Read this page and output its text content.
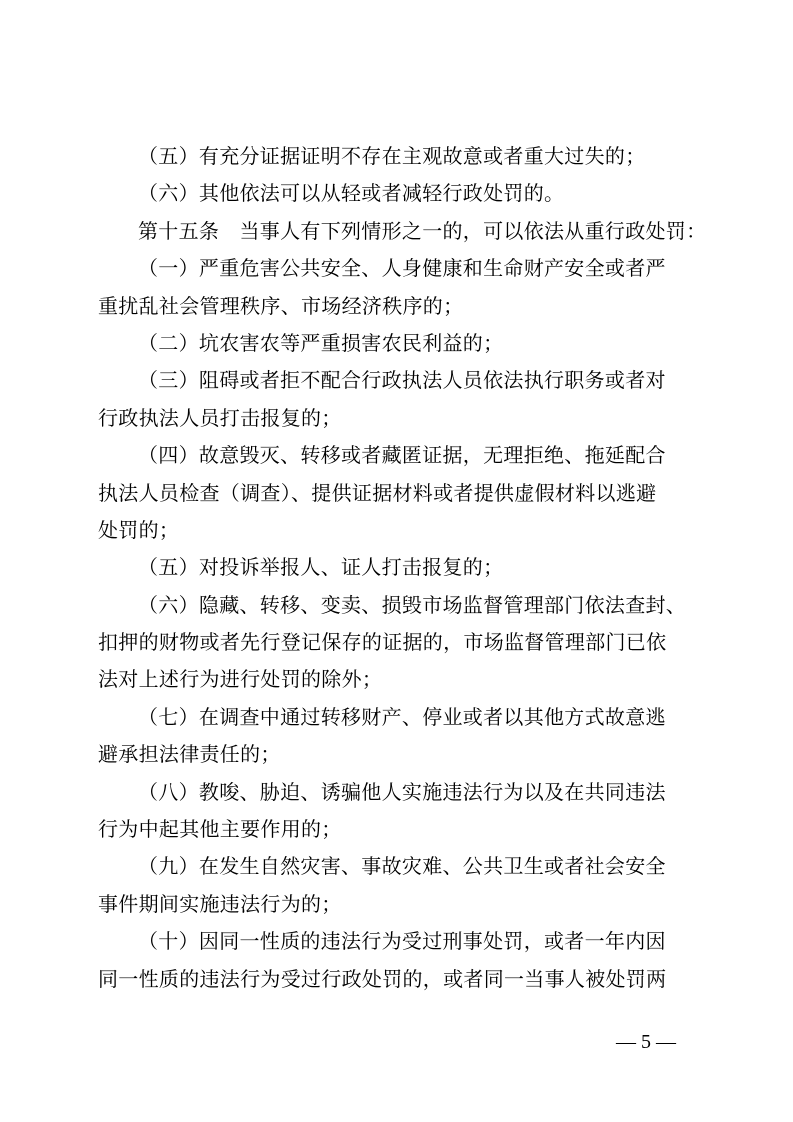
（五）有充分证据证明不存在主观故意或者重大过失的；
（六）其他依法可以从轻或者减轻行政处罚的。
第十五条　当事人有下列情形之一的，可以依法从重行政处罚：
（一）严重危害公共安全、人身健康和生命财产安全或者严
重扰乱社会管理秩序、市场经济秩序的；
（二）坑农害农等严重损害农民利益的；
（三）阻碍或者拒不配合行政执法人员依法执行职务或者对
行政执法人员打击报复的；
（四）故意毁灭、转移或者藏匿证据，无理拒绝、拖延配合
执法人员检查（调查）、提供证据材料或者提供虚假材料以逃避
处罚的；
（五）对投诉举报人、证人打击报复的；
（六）隐藏、转移、变卖、损毁市场监督管理部门依法查封、
扣押的财物或者先行登记保存的证据的，市场监督管理部门已依
法对上述行为进行处罚的除外；
（七）在调查中通过转移财产、停业或者以其他方式故意逃
避承担法律责任的；
（八）教唆、胁迫、诱骗他人实施违法行为以及在共同违法
行为中起其他主要作用的；
（九）在发生自然灾害、事故灾难、公共卫生或者社会安全
事件期间实施违法行为的；
（十）因同一性质的违法行为受过刑事处罚，或者一年内因
同一性质的违法行为受过行政处罚的，或者同一当事人被处罚两
— 5 —
